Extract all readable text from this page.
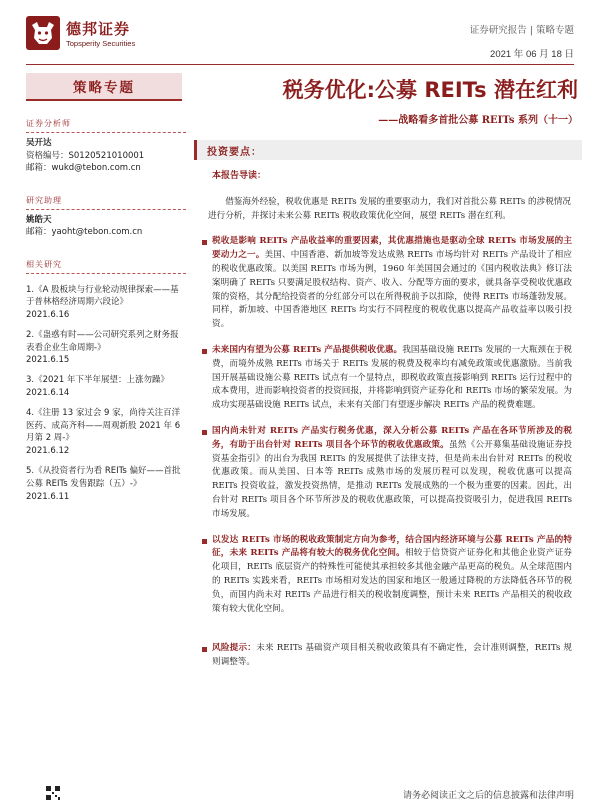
德邦证券
Topsperity Securities
证券研究报告 | 策略专题
2021 年 06 月 18 日
策略专题	税务优化:公募 REITs 潜在红利
——战略看多首批公募 REITs 系列（十一）
证券分析师
吴开达
资格编号：S0120521010001
邮箱：wukd@tebon.com.cn
研究助理
姚皓天
邮箱：yaoht@tebon.com.cn
相关研究
1.《A 股板块与行业轮动规律探索——基于普林格经济周期六段论》
2021.6.16
2.《蛊惑有时——公司研究系列之财务报表看企业生命周期-》
2021.6.15
3.《2021 年下半年展望：上涨勿躁》
2021.6.14
4.《注册 13 家过会 9 家，尚待关注百洋医药、成高齐科——周观新股 2021 年 6 月第 2 周-》
2021.6.12
5.《从投资者行为看 REITs 偏好——首批公募 REITs 发售跟踪（五）-》
2021.6.11
投资要点：
本报告导读：

借鉴海外经验，税收优惠是 REITs 发展的重要驱动力，我们对首批公募 REITs 的涉税情况进行分析，并探讨未来公募 REITs 税收政策优化空间，展望 REITs 潜在红利。

税收是影响 REITs 产品收益率的重要因素，其优惠措施也是驱动全球 REITs 市场发展的主要动力之一。美国、中国香港、新加坡等发达成熟 REITs 市场均针对 REITs 产品设计了相应的税收优惠政策。以美国 REITs 市场为例，1960 年美国国会通过的《国内税收法典》修订法案明确了 REITs 只要满足股权结构、资产、收入、分配等方面的要求，就具备享受税收优惠政策的资格，其分配给投资者的分红部分可以在所得税前予以扣除，使得 REITs 市场蓬勃发展。同样，新加坡、中国香港地区 REITs 均实行不同程度的税收优惠以提高产品收益率以吸引投资。
未来国内有望为公募 REITs 产品提供税收优惠。我国基础设施 REITs 发展的一大瓶颈在于税费，而境外成熟 REITs 市场关于 REITs 发展的税费及税率均有减免政策或优惠激励。当前我国开展基础设施公募 REITs 试点有一个显特点，即税收政策直接影响到 REITs 运行过程中的成本费用，进而影响投资者的投资回报，并将影响到资产证券化和 REITs 市场的繁荣发展。为成功实现基础设施 REITs 试点，未来有关部门有望逐步解决 REITs 产品的税费难题。
国内尚未针对 REITs 产品实行税务优惠，深入分析公募 REITs 产品在各环节所涉及的税务，有助于出台针对 REITs 项目各个环节的税收优惠政策。虽然《公开募集基础设施证券投资基金指引》的出台为我国 REITs 的发展提供了法律支持，但是尚未出台针对 REITs 的税收优惠政策。而从美国、日本等 REITs 成熟市场的发展历程可以发现，税收优惠可以提高 REITs 投资收益，激发投资热情，是推动 REITs 发展成熟的一个极为重要的因素。因此，出台针对 REITs 项目各个环节所涉及的税收优惠政策，可以提高投资吸引力，促进我国 REITs 市场发展。
以发达 REITs 市场的税收政策制定方向为参考，结合国内经济环境与公募 REITs 产品的特征，未来 REITs 产品将有较大的税务优化空间。相较于信贷资产证券化和其他企业资产证券化项目，REITs 底层资产的特殊性可能使其承担较多其他金融产品更高的税负。从全球范围内的 REITs 实践来看，REITs 市场相对发达的国家和地区一般通过降税的方法降低各环节的税负，而国内尚未对 REITs 产品进行相关的税收制度调整，预计未来 REITs 产品相关的税收政策有较大优化空间。
风险提示：未来 REITs 基础资产项目相关税收政策具有不确定性，会计准则调整，REITs 规则调整等。
请务必阅读正文之后的信息披露和法律声明
